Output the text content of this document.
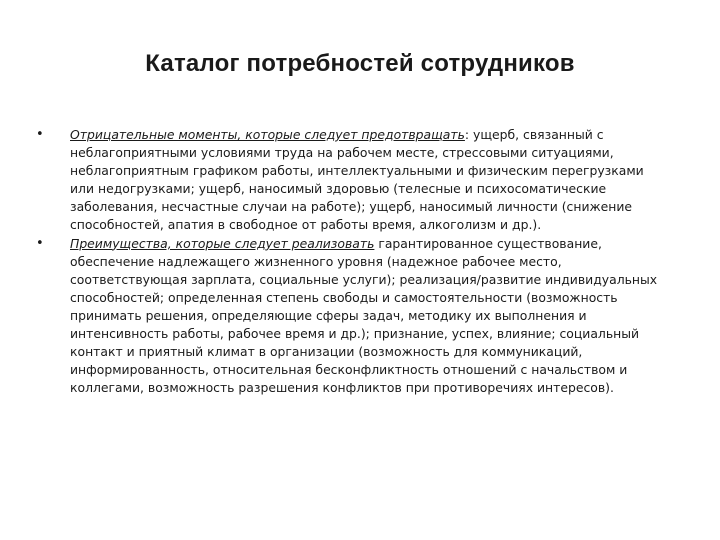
Каталог потребностей сотрудников
• Отрицательные моменты, которые следует предотвращать: ущерб, связанный с неблагоприятными условиями труда на рабочем месте, стрессовыми ситуациями, неблагоприятным графиком работы, интеллектуальными и физическим перегрузками или недогрузками; ущерб, наносимый здоровью (телесные и психосоматические заболевания, несчастные случаи на работе); ущерб, наносимый личности (снижение способностей, апатия в свободное от работы время, алкоголизм и др.).
• Преимущества, которые следует реализовать гарантированное существование, обеспечение надлежащего жизненного уровня (надежное рабочее место, соответствующая зарплата, социальные услуги); реализация/развитие индивидуальных способностей; определенная степень свободы и самостоятельности (возможность принимать решения, определяющие сферы задач, методику их выполнения и интенсивность работы, рабочее время и др.); признание, успех, влияние; социальный контакт и приятный климат в организации (возможность для коммуникаций, информированность, относительная бесконфликтность отношений с начальством и коллегами, возможность разрешения конфликтов при противоречиях интересов).
